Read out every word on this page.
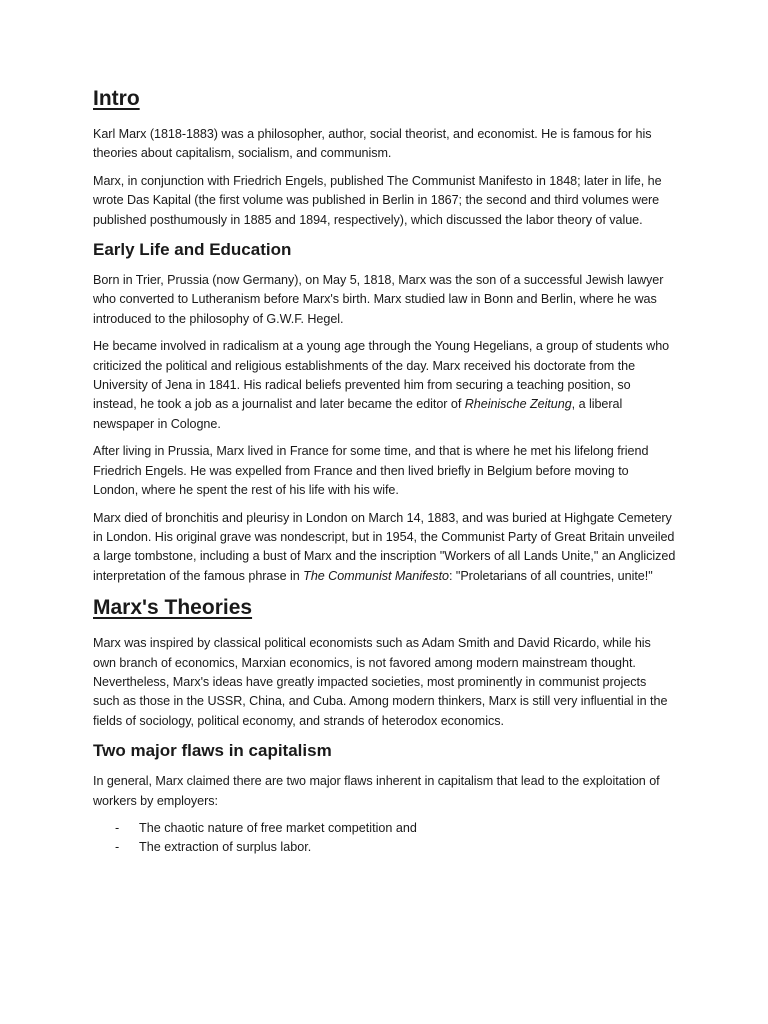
Intro

Karl Marx (1818-1883) was a philosopher, author, social theorist, and economist. He is famous for his theories about capitalism, socialism, and communism.

Marx, in conjunction with Friedrich Engels, published The Communist Manifesto in 1848; later in life, he wrote Das Kapital (the first volume was published in Berlin in 1867; the second and third volumes were published posthumously in 1885 and 1894, respectively), which discussed the labor theory of value.

Early Life and Education

Born in Trier, Prussia (now Germany), on May 5, 1818, Marx was the son of a successful Jewish lawyer who converted to Lutheranism before Marx's birth. Marx studied law in Bonn and Berlin, where he was introduced to the philosophy of G.W.F. Hegel.

He became involved in radicalism at a young age through the Young Hegelians, a group of students who criticized the political and religious establishments of the day. Marx received his doctorate from the University of Jena in 1841. His radical beliefs prevented him from securing a teaching position, so instead, he took a job as a journalist and later became the editor of Rheinische Zeitung, a liberal newspaper in Cologne.

After living in Prussia, Marx lived in France for some time, and that is where he met his lifelong friend Friedrich Engels. He was expelled from France and then lived briefly in Belgium before moving to London, where he spent the rest of his life with his wife.

Marx died of bronchitis and pleurisy in London on March 14, 1883, and was buried at Highgate Cemetery in London. His original grave was nondescript, but in 1954, the Communist Party of Great Britain unveiled a large tombstone, including a bust of Marx and the inscription "Workers of all Lands Unite," an Anglicized interpretation of the famous phrase in The Communist Manifesto: "Proletarians of all countries, unite!"

Marx's Theories

Marx was inspired by classical political economists such as Adam Smith and David Ricardo, while his own branch of economics, Marxian economics, is not favored among modern mainstream thought. Nevertheless, Marx's ideas have greatly impacted societies, most prominently in communist projects such as those in the USSR, China, and Cuba. Among modern thinkers, Marx is still very influential in the fields of sociology, political economy, and strands of heterodox economics.

Two major flaws in capitalism

In general, Marx claimed there are two major flaws inherent in capitalism that lead to the exploitation of workers by employers:

-	The chaotic nature of free market competition and
-	The extraction of surplus labor.
